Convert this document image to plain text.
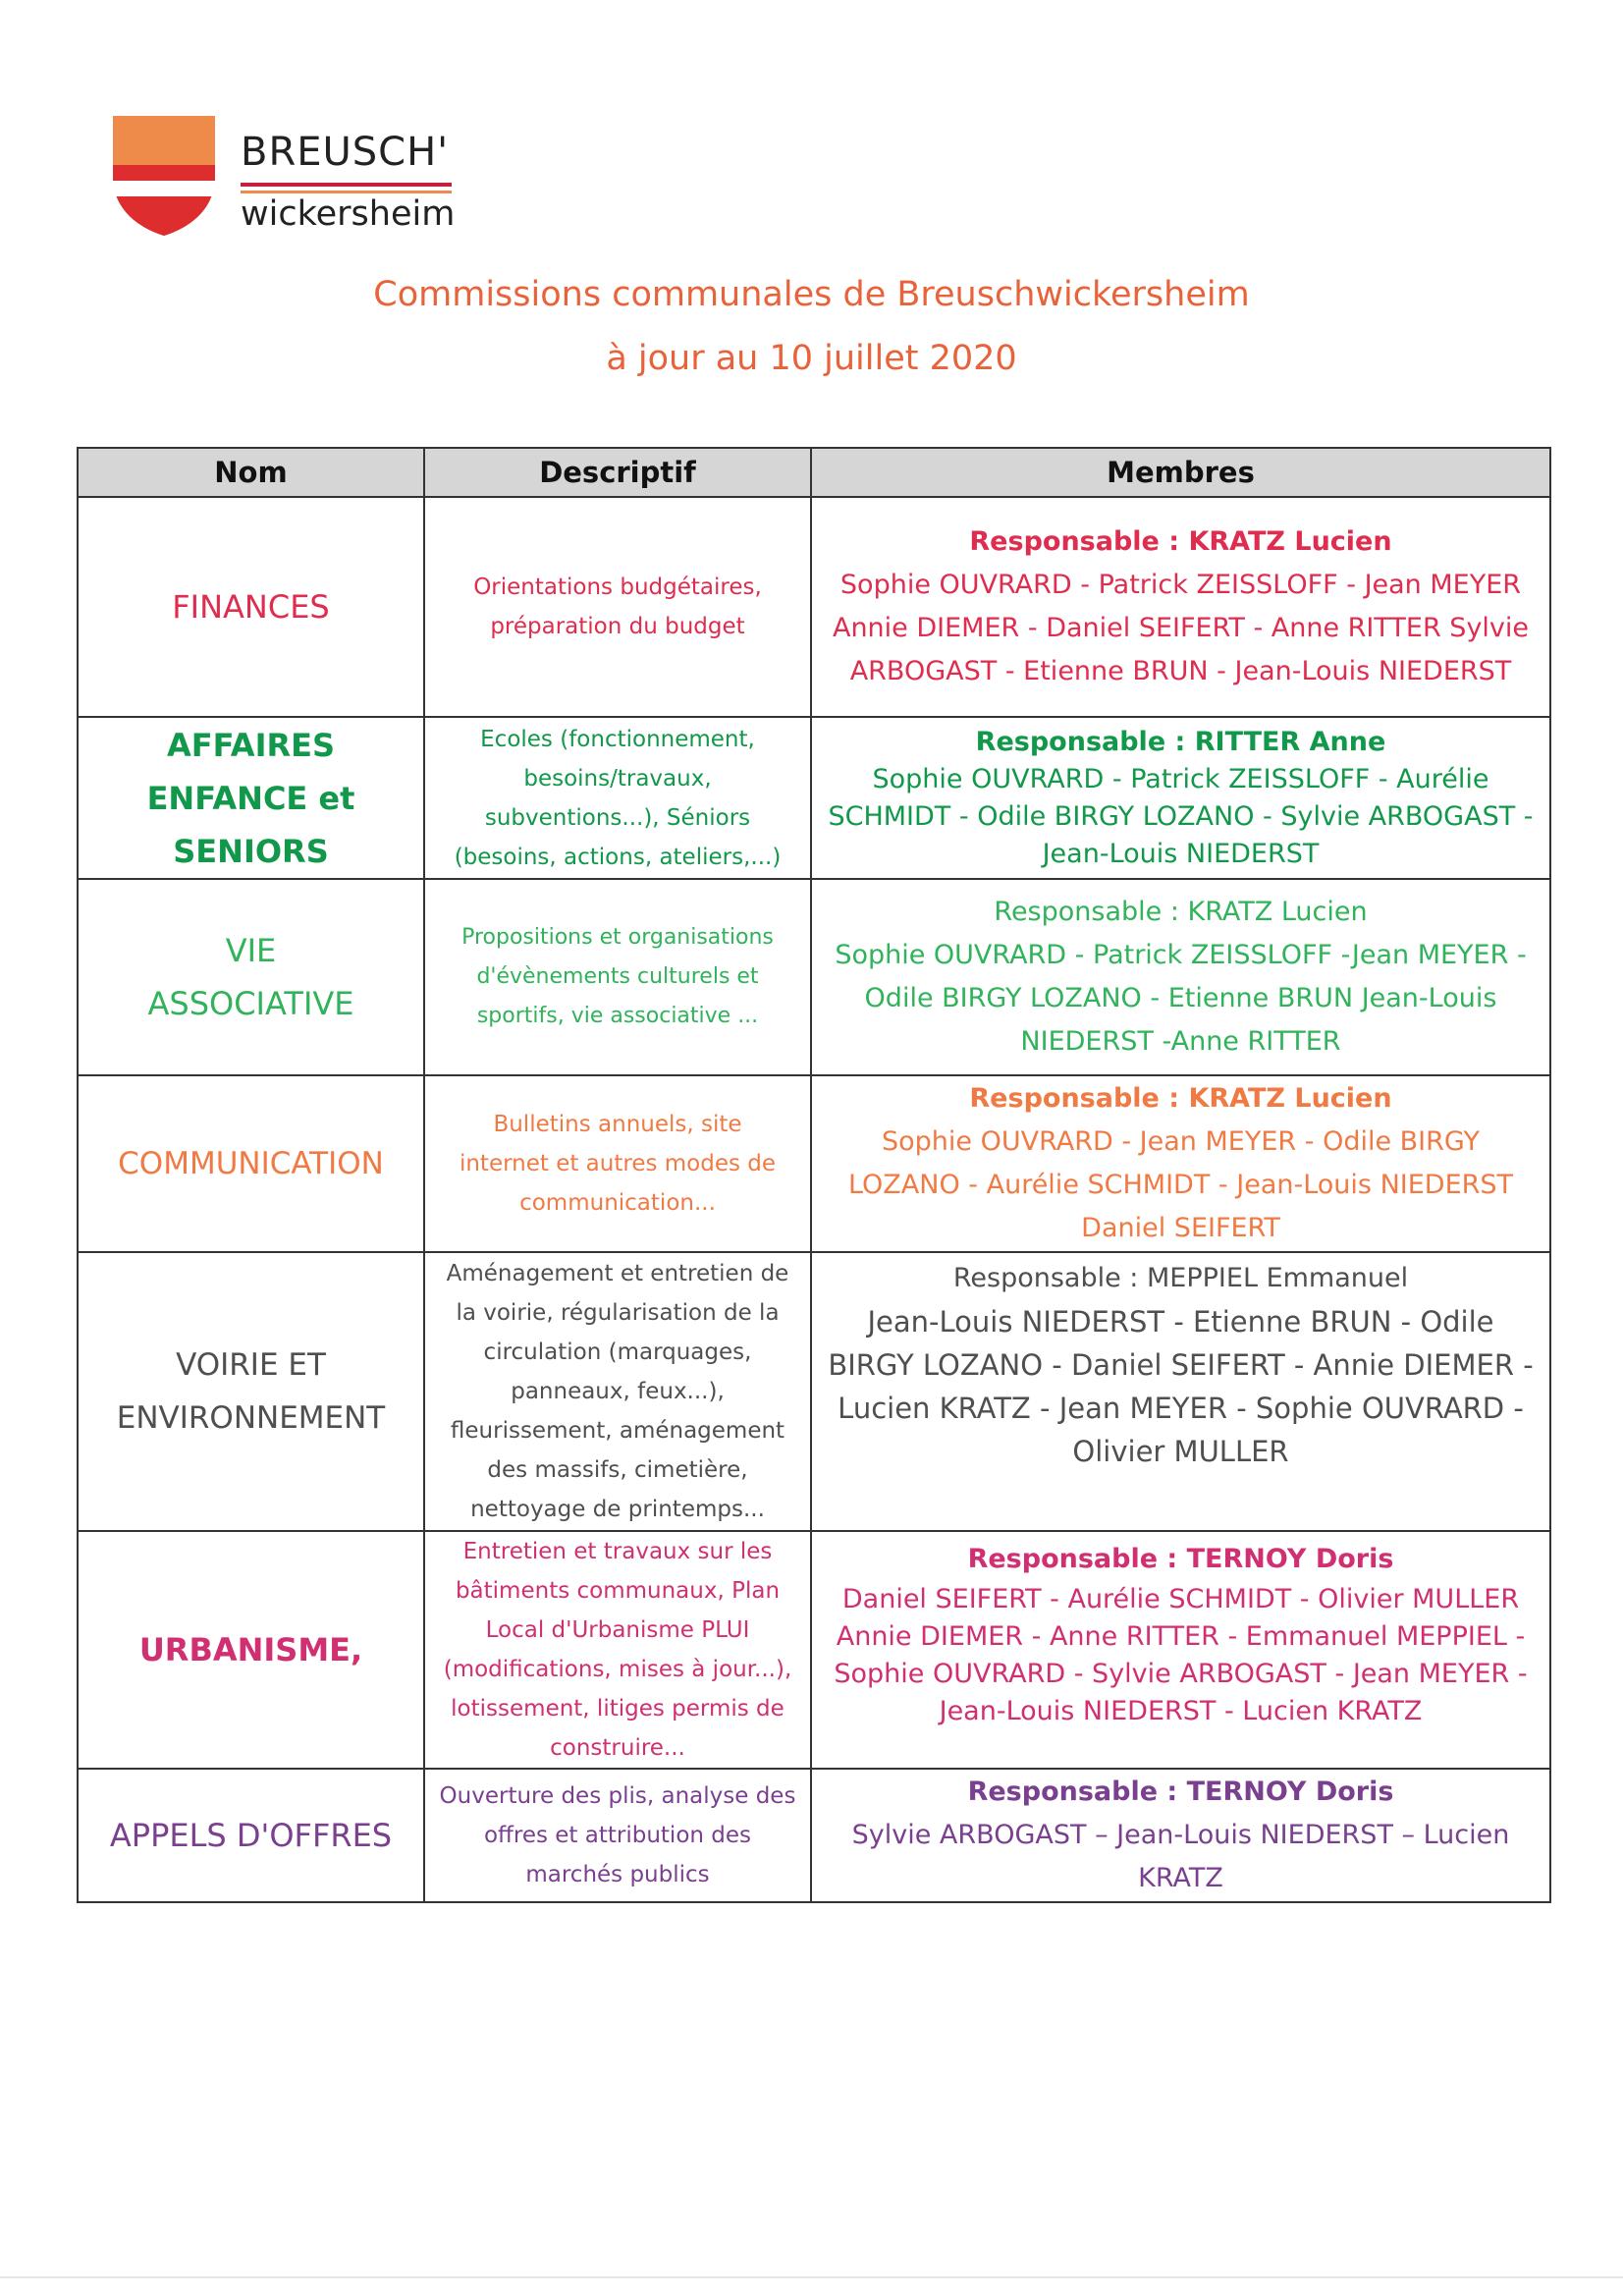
BREUSCH'
wickersheim
Commissions communales de Breuschwickersheim
à jour au 10 juillet 2020
Nom	Descriptif	Membres
FINANCES	Orientations budgétaires, préparation du budget	Responsable : KRATZ Lucien
Sophie OUVRARD - Patrick ZEISSLOFF - Jean MEYER Annie DIEMER - Daniel SEIFERT - Anne RITTER Sylvie ARBOGAST - Etienne BRUN - Jean-Louis NIEDERST

AFFAIRES ENFANCE et SENIORS	Ecoles (fonctionnement, besoins/travaux, subventions...), Séniors (besoins, actions, ateliers,...)	Responsable : RITTER Anne
Sophie OUVRARD - Patrick ZEISSLOFF - Aurélie SCHMIDT - Odile BIRGY LOZANO - Sylvie ARBOGAST - Jean-Louis NIEDERST

VIE ASSOCIATIVE	Propositions et organisations d'évènements culturels et sportifs, vie associative ...	Responsable : KRATZ Lucien
Sophie OUVRARD - Patrick ZEISSLOFF -Jean MEYER - Odile BIRGY LOZANO - Etienne BRUN Jean-Louis NIEDERST -Anne RITTER

COMMUNICATION	Bulletins annuels, site internet et autres modes de communication...	Responsable : KRATZ Lucien
Sophie OUVRARD - Jean MEYER - Odile BIRGY LOZANO - Aurélie SCHMIDT - Jean-Louis NIEDERST Daniel SEIFERT

VOIRIE ET ENVIRONNEMENT	Aménagement et entretien de la voirie, régularisation de la circulation (marquages, panneaux, feux...), fleurissement, aménagement des massifs, cimetière, nettoyage de printemps...	Responsable : MEPPIEL Emmanuel
Jean-Louis NIEDERST - Etienne BRUN - Odile BIRGY LOZANO - Daniel SEIFERT - Annie DIEMER - Lucien KRATZ - Jean MEYER - Sophie OUVRARD - Olivier MULLER

URBANISME,	Entretien et travaux sur les bâtiments communaux, Plan Local d'Urbanisme PLUI (modifications, mises à jour...), lotissement, litiges permis de construire...	Responsable : TERNOY Doris
Daniel SEIFERT - Aurélie SCHMIDT - Olivier MULLER Annie DIEMER - Anne RITTER - Emmanuel MEPPIEL - Sophie OUVRARD - Sylvie ARBOGAST - Jean MEYER - Jean-Louis NIEDERST - Lucien KRATZ

APPELS D'OFFRES	Ouverture des plis, analyse des offres et attribution des marchés publics	Responsable : TERNOY Doris
Sylvie ARBOGAST – Jean-Louis NIEDERST – Lucien KRATZ
